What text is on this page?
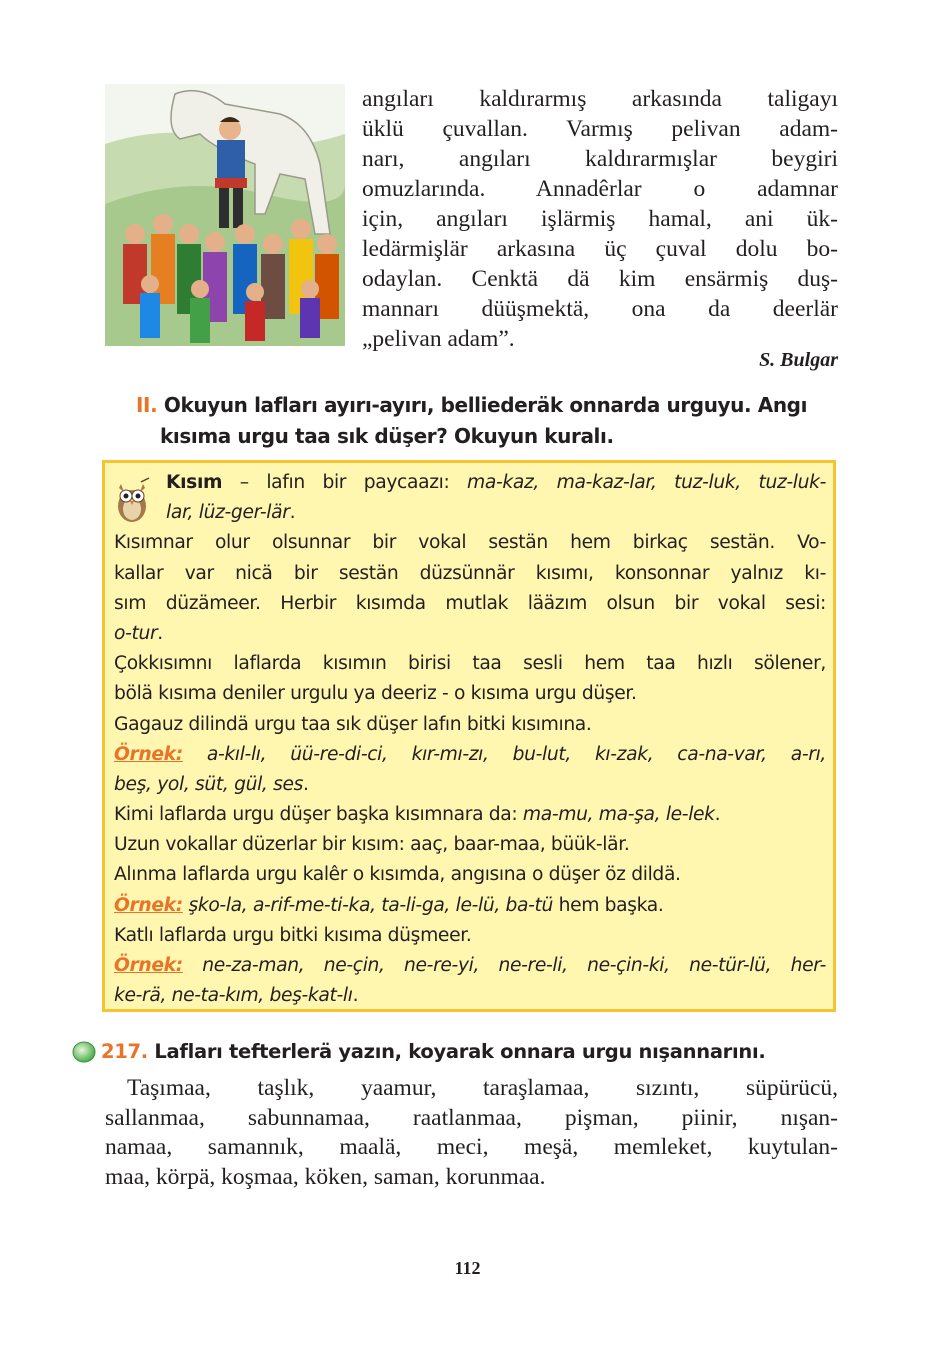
angıları kaldırarmış arkasında taligayı
üklü çuvallan. Varmış pelivan adam-
narı, angıları kaldırarmışlar beygiri
omuzlarında. Annadêrlar o adamnar
için, angıları işlärmiş hamal, ani ük-
ledärmişlär arkasına üç çuval dolu bo-
odaylan. Cenktä dä kim ensärmiş duş-
mannarı düüşmektä, ona da deerlär
„pelivan adam”.
S. Bulgar
II. Okuyun lafları ayırı-ayırı, belliederäk onnarda urguyu. Angı
kısıma urgu taa sık düşer? Okuyun kuralı.
Kısım – lafın bir paycaazı: ma-kaz, ma-kaz-lar, tuz-luk, tuz-luk-
lar, lüz-ger-lär.
Kısımnar olur olsunnar bir vokal sestän hem birkaç sestän. Vo-
kallar var nicä bir sestän düzsünnär kısımı, konsonnar yalnız kı-
sım düzämeer. Herbir kısımda mutlak lääzım olsun bir vokal sesi:
o-tur.
Çokkısımnı laflarda kısımın birisi taa sesli hem taa hızlı sölener,
bölä kısıma deniler urgulu ya deeriz - o kısıma urgu düşer.
Gagauz dilindä urgu taa sık düşer lafın bitki kısımına.
Örnek: a-kıl-lı, üü-re-di-ci, kır-mı-zı, bu-lut, kı-zak, ca-na-var, a-rı,
beş, yol, süt, gül, ses.
Kimi laflarda urgu düşer başka kısımnara da: ma-mu, ma-şa, le-lek.
Uzun vokallar düzerlar bir kısım: aaç, baar-maa, büük-lär.
Alınma laflarda urgu kalêr o kısımda, angısına o düşer öz dildä.
Örnek: şko-la, a-rif-me-ti-ka, ta-li-ga, le-lü, ba-tü hem başka.
Katlı laflarda urgu bitki kısıma düşmeer.
Örnek: ne-za-man, ne-çin, ne-re-yi, ne-re-li, ne-çin-ki, ne-tür-lü, her-
ke-rä, ne-ta-kım, beş-kat-lı.
217. Lafları tefterlerä yazın, koyarak onnara urgu nışannarını.
Taşımaa, taşlık, yaamur, taraşlamaa, sızıntı, süpürücü,
sallanmaa, sabunnamaa, raatlanmaa, pişman, piinir, nışan-
namaa, samannık, maalä, meci, meşä, memleket, kuytulan-
maa, körpä, koşmaa, köken, saman, korunmaa.
112
